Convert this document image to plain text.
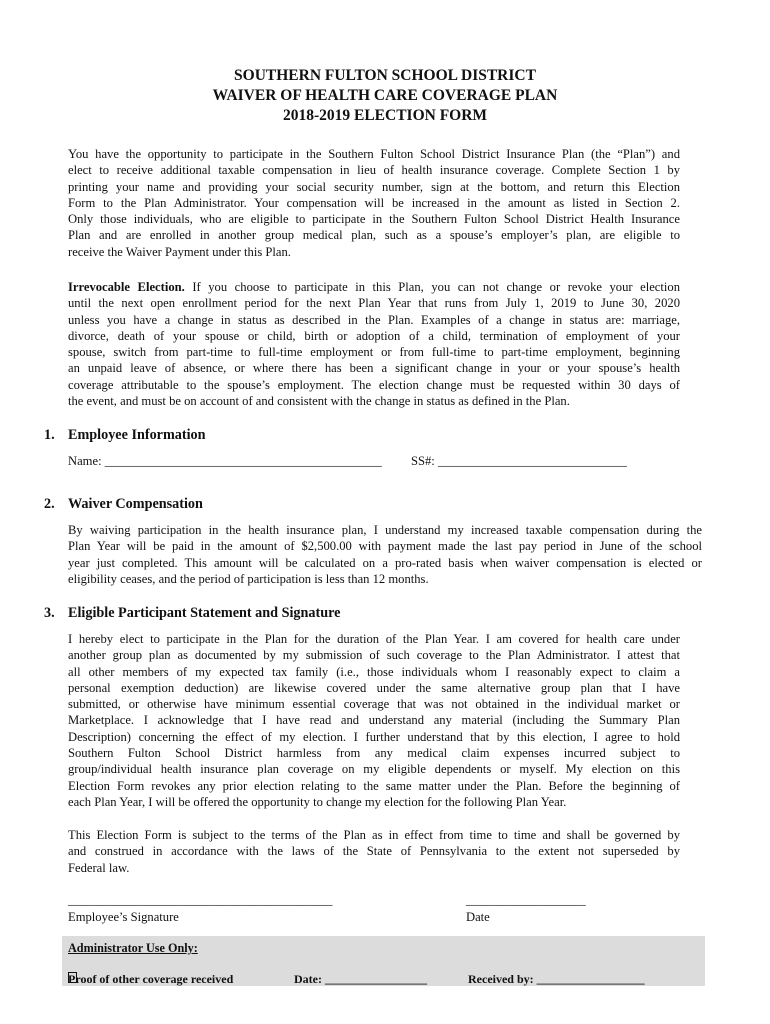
SOUTHERN FULTON SCHOOL DISTRICT
WAIVER OF HEALTH CARE COVERAGE PLAN
2018-2019 ELECTION FORM
You have the opportunity to participate in the Southern Fulton School District Insurance Plan (the “Plan”) and
elect to receive additional taxable compensation in lieu of health insurance coverage. Complete Section 1 by
printing your name and providing your social security number, sign at the bottom, and return this Election
Form to the Plan Administrator. Your compensation will be increased in the amount as listed in Section 2.
Only those individuals, who are eligible to participate in the Southern Fulton School District Health Insurance
Plan and are enrolled in another group medical plan, such as a spouse’s employer’s plan, are eligible to
receive the Waiver Payment under this Plan.
Irrevocable Election. If you choose to participate in this Plan, you can not change or revoke your election
until the next open enrollment period for the next Plan Year that runs from July 1, 2019 to June 30, 2020
unless you have a change in status as described in the Plan. Examples of a change in status are: marriage,
divorce, death of your spouse or child, birth or adoption of a child, termination of employment of your
spouse, switch from part-time to full-time employment or from full-time to part-time employment, beginning
an unpaid leave of absence, or where there has been a significant change in your or your spouse’s health
coverage attributable to the spouse’s employment. The election change must be requested within 30 days of
the event, and must be on account of and consistent with the change in status as defined in the Plan.
1. Employee Information
Name: ____________________________________________ SS#: ______________________________
2. Waiver Compensation
By waiving participation in the health insurance plan, I understand my increased taxable compensation during the
Plan Year will be paid in the amount of $2,500.00 with payment made the last pay period in June of the school
year just completed. This amount will be calculated on a pro-rated basis when waiver compensation is elected or
eligibility ceases, and the period of participation is less than 12 months.
3. Eligible Participant Statement and Signature
I hereby elect to participate in the Plan for the duration of the Plan Year. I am covered for health care under
another group plan as documented by my submission of such coverage to the Plan Administrator. I attest that
all other members of my expected tax family (i.e., those individuals whom I reasonably expect to claim a
personal exemption deduction) are likewise covered under the same alternative group plan that I have
submitted, or otherwise have minimum essential coverage that was not obtained in the individual market or
Marketplace. I acknowledge that I have read and understand any material (including the Summary Plan
Description) concerning the effect of my election. I further understand that by this election, I agree to hold
Southern Fulton School District harmless from any medical claim expenses incurred subject to
group/individual health insurance plan coverage on my eligible dependents or myself. My election on this
Election Form revokes any prior election relating to the same matter under the Plan. Before the beginning of
each Plan Year, I will be offered the opportunity to change my election for the following Plan Year.
This Election Form is subject to the terms of the Plan as in effect from time to time and shall be governed by
and construed in accordance with the laws of the State of Pennsylvania to the extent not superseded by
Federal law.
__________________________________________
Employee’s Signature
___________________
Date
Administrator Use Only:
Proof of other coverage received	Date: _________________	Received by: __________________
